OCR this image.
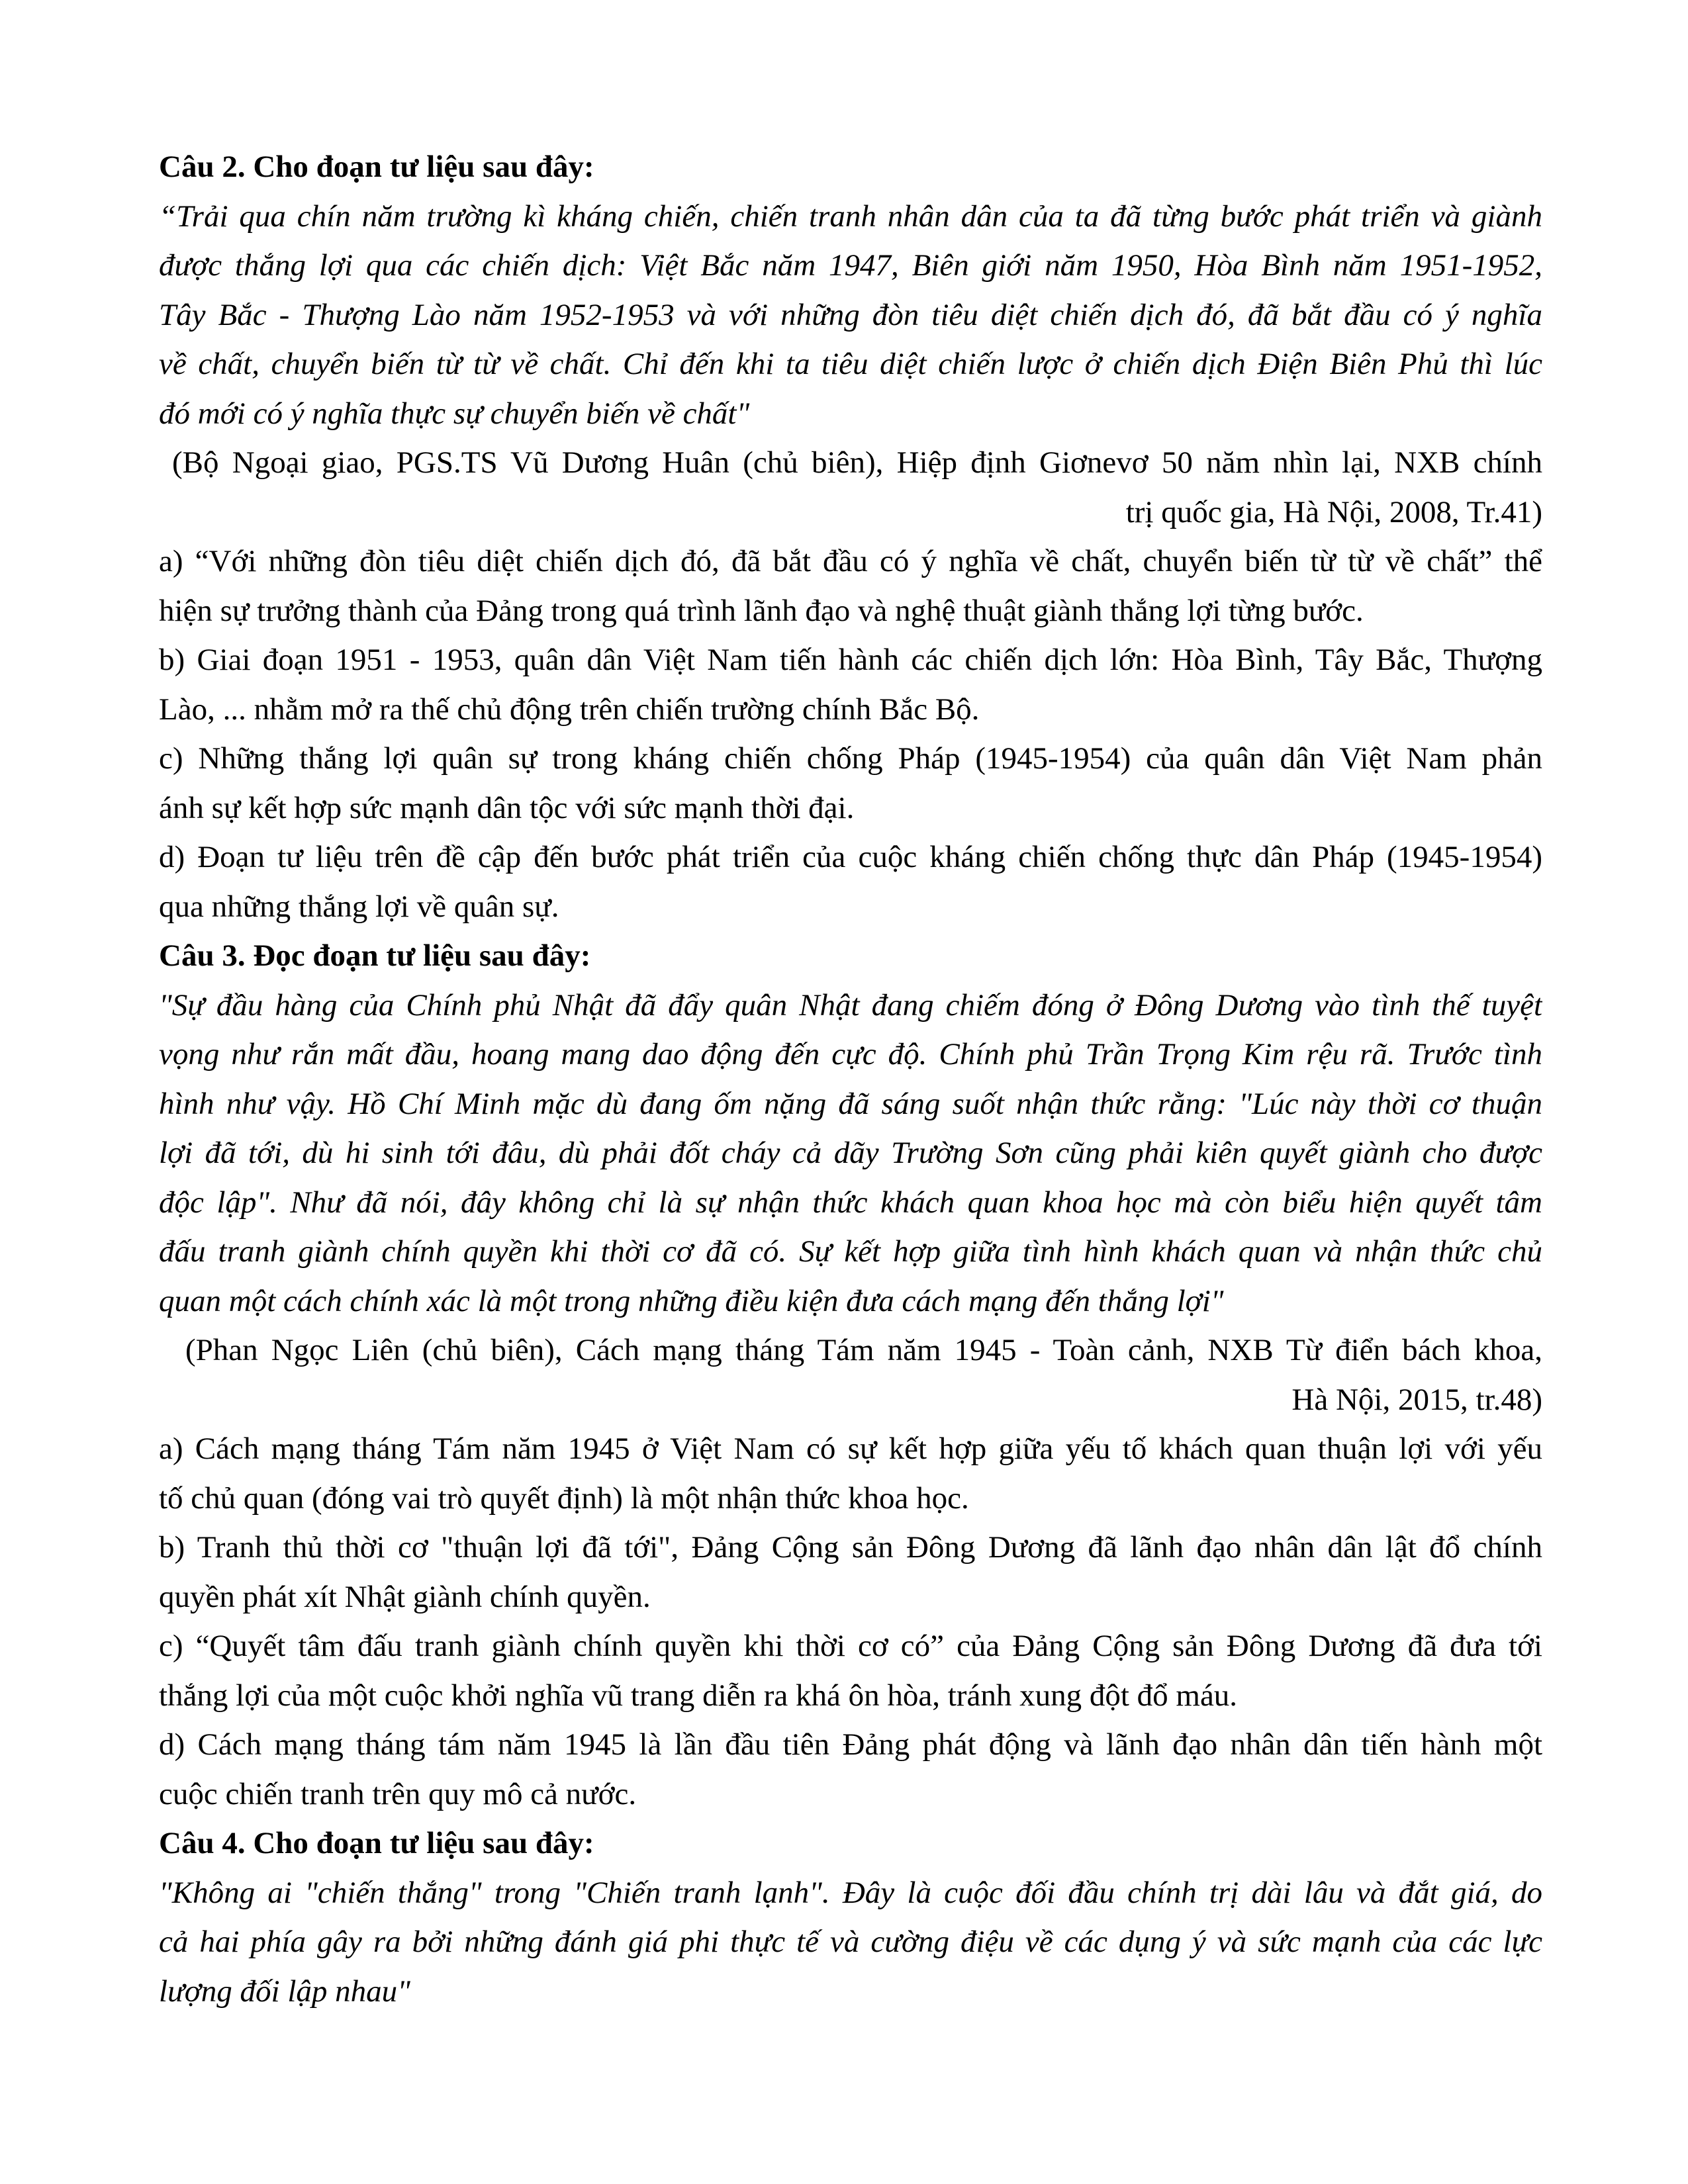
Câu 2. Cho đoạn tư liệu sau đây:
“Trải qua chín năm trường kì kháng chiến, chiến tranh nhân dân của ta đã từng bước phát triển và giành
được thắng lợi qua các chiến dịch: Việt Bắc năm 1947, Biên giới năm 1950, Hòa Bình năm 1951-1952,
Tây Bắc - Thượng Lào năm 1952-1953 và với những đòn tiêu diệt chiến dịch đó, đã bắt đầu có ý nghĩa
về chất, chuyển biến từ từ về chất. Chỉ đến khi ta tiêu diệt chiến lược ở chiến dịch Điện Biên Phủ thì lúc
đó mới có ý nghĩa thực sự chuyển biến về chất"
(Bộ Ngoại giao, PGS.TS Vũ Dương Huân (chủ biên), Hiệp định Giơnevơ 50 năm nhìn lại, NXB chính
trị quốc gia, Hà Nội, 2008, Tr.41)
a) “Với những đòn tiêu diệt chiến dịch đó, đã bắt đầu có ý nghĩa về chất, chuyển biến từ từ về chất” thể
hiện sự trưởng thành của Đảng trong quá trình lãnh đạo và nghệ thuật giành thắng lợi từng bước.
b) Giai đoạn 1951 - 1953, quân dân Việt Nam tiến hành các chiến dịch lớn: Hòa Bình, Tây Bắc, Thượng
Lào, ... nhằm mở ra thế chủ động trên chiến trường chính Bắc Bộ.
c) Những thắng lợi quân sự trong kháng chiến chống Pháp (1945-1954) của quân dân Việt Nam phản
ánh sự kết hợp sức mạnh dân tộc với sức mạnh thời đại.
d) Đoạn tư liệu trên đề cập đến bước phát triển của cuộc kháng chiến chống thực dân Pháp (1945-1954)
qua những thắng lợi về quân sự.
Câu 3. Đọc đoạn tư liệu sau đây:
"Sự đầu hàng của Chính phủ Nhật đã đẩy quân Nhật đang chiếm đóng ở Đông Dương vào tình thế tuyệt
vọng như rắn mất đầu, hoang mang dao động đến cực độ. Chính phủ Trần Trọng Kim rệu rã. Trước tình
hình như vậy. Hồ Chí Minh mặc dù đang ốm nặng đã sáng suốt nhận thức rằng: "Lúc này thời cơ thuận
lợi đã tới, dù hi sinh tới đâu, dù phải đốt cháy cả dãy Trường Sơn cũng phải kiên quyết giành cho được
độc lập". Như đã nói, đây không chỉ là sự nhận thức khách quan khoa học mà còn biểu hiện quyết tâm
đấu tranh giành chính quyền khi thời cơ đã có. Sự kết hợp giữa tình hình khách quan và nhận thức chủ
quan một cách chính xác là một trong những điều kiện đưa cách mạng đến thắng lợi"
(Phan Ngọc Liên (chủ biên), Cách mạng tháng Tám năm 1945 - Toàn cảnh, NXB Từ điển bách khoa,
Hà Nội, 2015, tr.48)
a) Cách mạng tháng Tám năm 1945 ở Việt Nam có sự kết hợp giữa yếu tố khách quan thuận lợi với yếu
tố chủ quan (đóng vai trò quyết định) là một nhận thức khoa học.
b) Tranh thủ thời cơ "thuận lợi đã tới", Đảng Cộng sản Đông Dương đã lãnh đạo nhân dân lật đổ chính
quyền phát xít Nhật giành chính quyền.
c) “Quyết tâm đấu tranh giành chính quyền khi thời cơ có” của Đảng Cộng sản Đông Dương đã đưa tới
thắng lợi của một cuộc khởi nghĩa vũ trang diễn ra khá ôn hòa, tránh xung đột đổ máu.
d) Cách mạng tháng tám năm 1945 là lần đầu tiên Đảng phát động và lãnh đạo nhân dân tiến hành một
cuộc chiến tranh trên quy mô cả nước.
Câu 4. Cho đoạn tư liệu sau đây:
"Không ai "chiến thắng" trong "Chiến tranh lạnh". Đây là cuộc đối đầu chính trị dài lâu và đắt giá, do
cả hai phía gây ra bởi những đánh giá phi thực tế và cường điệu về các dụng ý và sức mạnh của các lực
lượng đối lập nhau"
